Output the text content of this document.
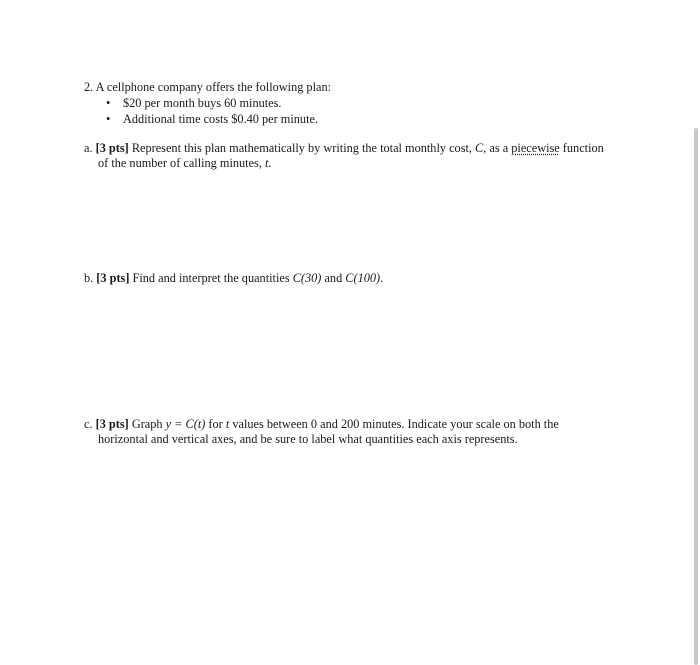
2. A cellphone company offers the following plan:
• $20 per month buys 60 minutes.
• Additional time costs $0.40 per minute.
a. [3 pts] Represent this plan mathematically by writing the total monthly cost, C, as a piecewise function
of the number of calling minutes, t.
b. [3 pts] Find and interpret the quantities C(30) and C(100).
c. [3 pts] Graph y = C(t) for t values between 0 and 200 minutes. Indicate your scale on both the
horizontal and vertical axes, and be sure to label what quantities each axis represents.
